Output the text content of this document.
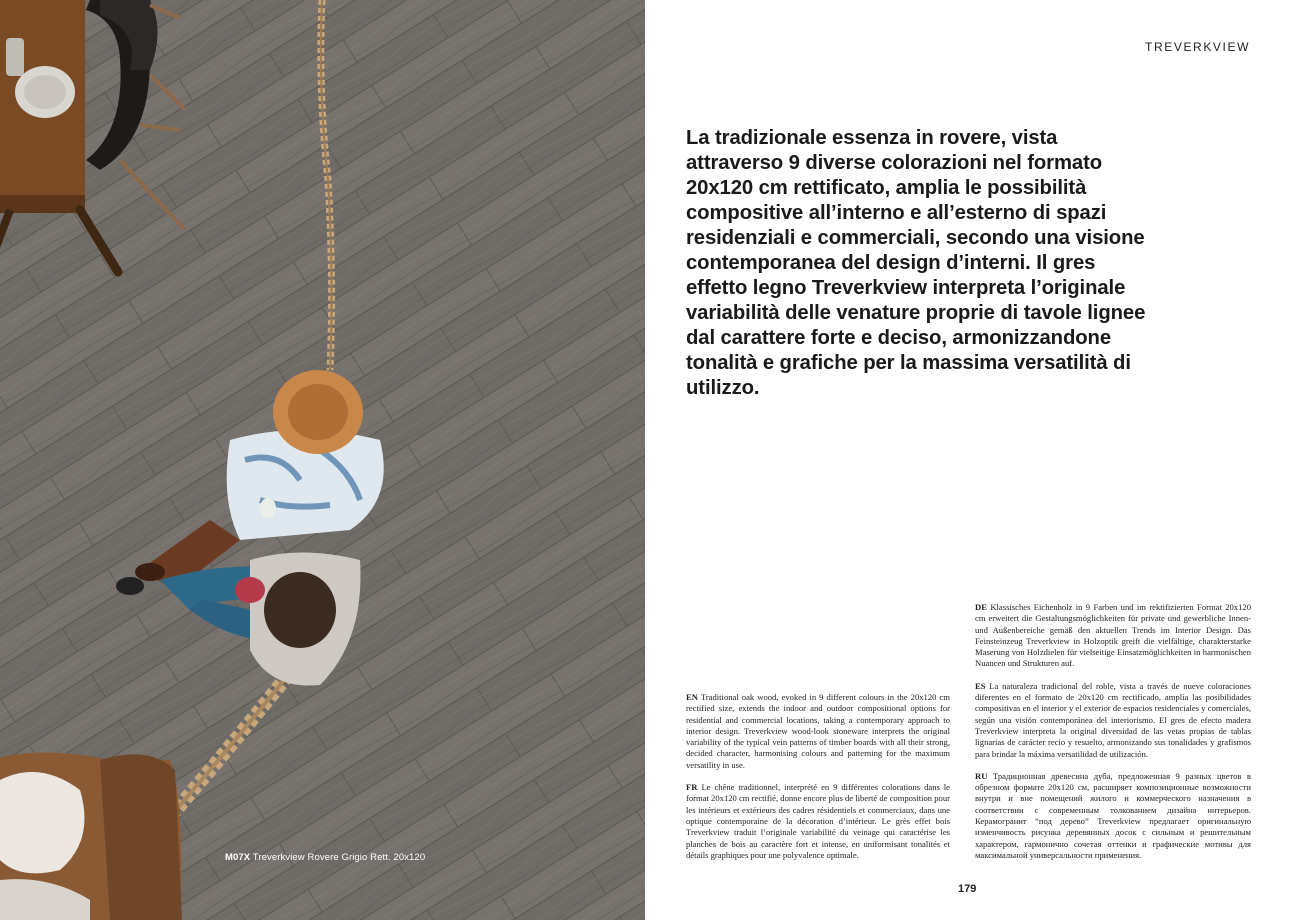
M07X Treverkview Rovere Grigio Rett. 20x120
TREVERKVIEW
La tradizionale essenza in rovere, vista attraverso 9 diverse colorazioni nel formato 20x120 cm rettificato, amplia le possibilità compositive all’interno e all’esterno di spazi residenziali e commerciali, secondo una visione contemporanea del design d’interni. Il gres effetto legno Treverkview interpreta l’originale variabilità delle venature proprie di tavole lignee dal carattere forte e deciso, armonizzandone tonalità e grafiche per la massima versatilità di utilizzo.

EN Traditional oak wood, evoked in 9 different colours in the 20x120 cm rectified size, extends the indoor and outdoor compositional options for residential and commercial locations, taking a contemporary approach to interior design. Treverkview wood-look stoneware interprets the original variability of the typical vein patterns of timber boards with all their strong, decided character, harmonising colours and patterning for the maximum versatility in use.

FR Le chêne traditionnel, interprété en 9 différentes colorations dans le format 20x120 cm rectifié, donne encore plus de liberté de composition pour les intérieurs et extérieurs des cadres résidentiels et commerciaux, dans une optique contemporaine de la décoration d’intérieur. Le grès effet bois Treverkview traduit l’originale variabilité du veinage qui caractérise les planches de bois au caractère fort et intense, en uniformisant tonalités et détails graphiques pour une polyvalence optimale.

DE Klassisches Eichenholz in 9 Farben und im rektifizierten Format 20x120 cm erweitert die Gestaltungsmöglichkeiten für private und gewerbliche Innen- und Außenbereiche gemäß den aktuellen Trends im Interior Design. Das Feinsteinzeug Treverkview in Holzoptik greift die vielfältige, charakterstarke Maserung von Holzdielen für vielseitige Einsatzmöglichkeiten in harmonischen Nuancen und Strukturen auf.

ES La naturaleza tradicional del roble, vista a través de nueve coloraciones diferentes en el formato de 20x120 cm rectificado, amplía las posibilidades compositivas en el interior y el exterior de espacios residenciales y comerciales, según una visión contemporánea del interiorismo. El gres de efecto madera Treverkview interpreta la original diversidad de las vetas propias de tablas lignarias de carácter recio y resuelto, armonizando sus tonalidades y grafismos para brindar la máxima versatilidad de utilización.

RU Традиционная древесина дуба, предложенная 9 разных цветов в обрезном формате 20x120 см, расширяет композиционные возможности внутри и вне помещений жилого и коммерческого назначения в соответствии с современным толкованием дизайна интерьеров. Керамогранит “под дерево” Treverkview предлагает оригинальную изменчивость рисунка деревянных досок с сильным и решительным характером, гармонично сочетая оттенки и графические мотивы для максимальной универсальности применения.

179
